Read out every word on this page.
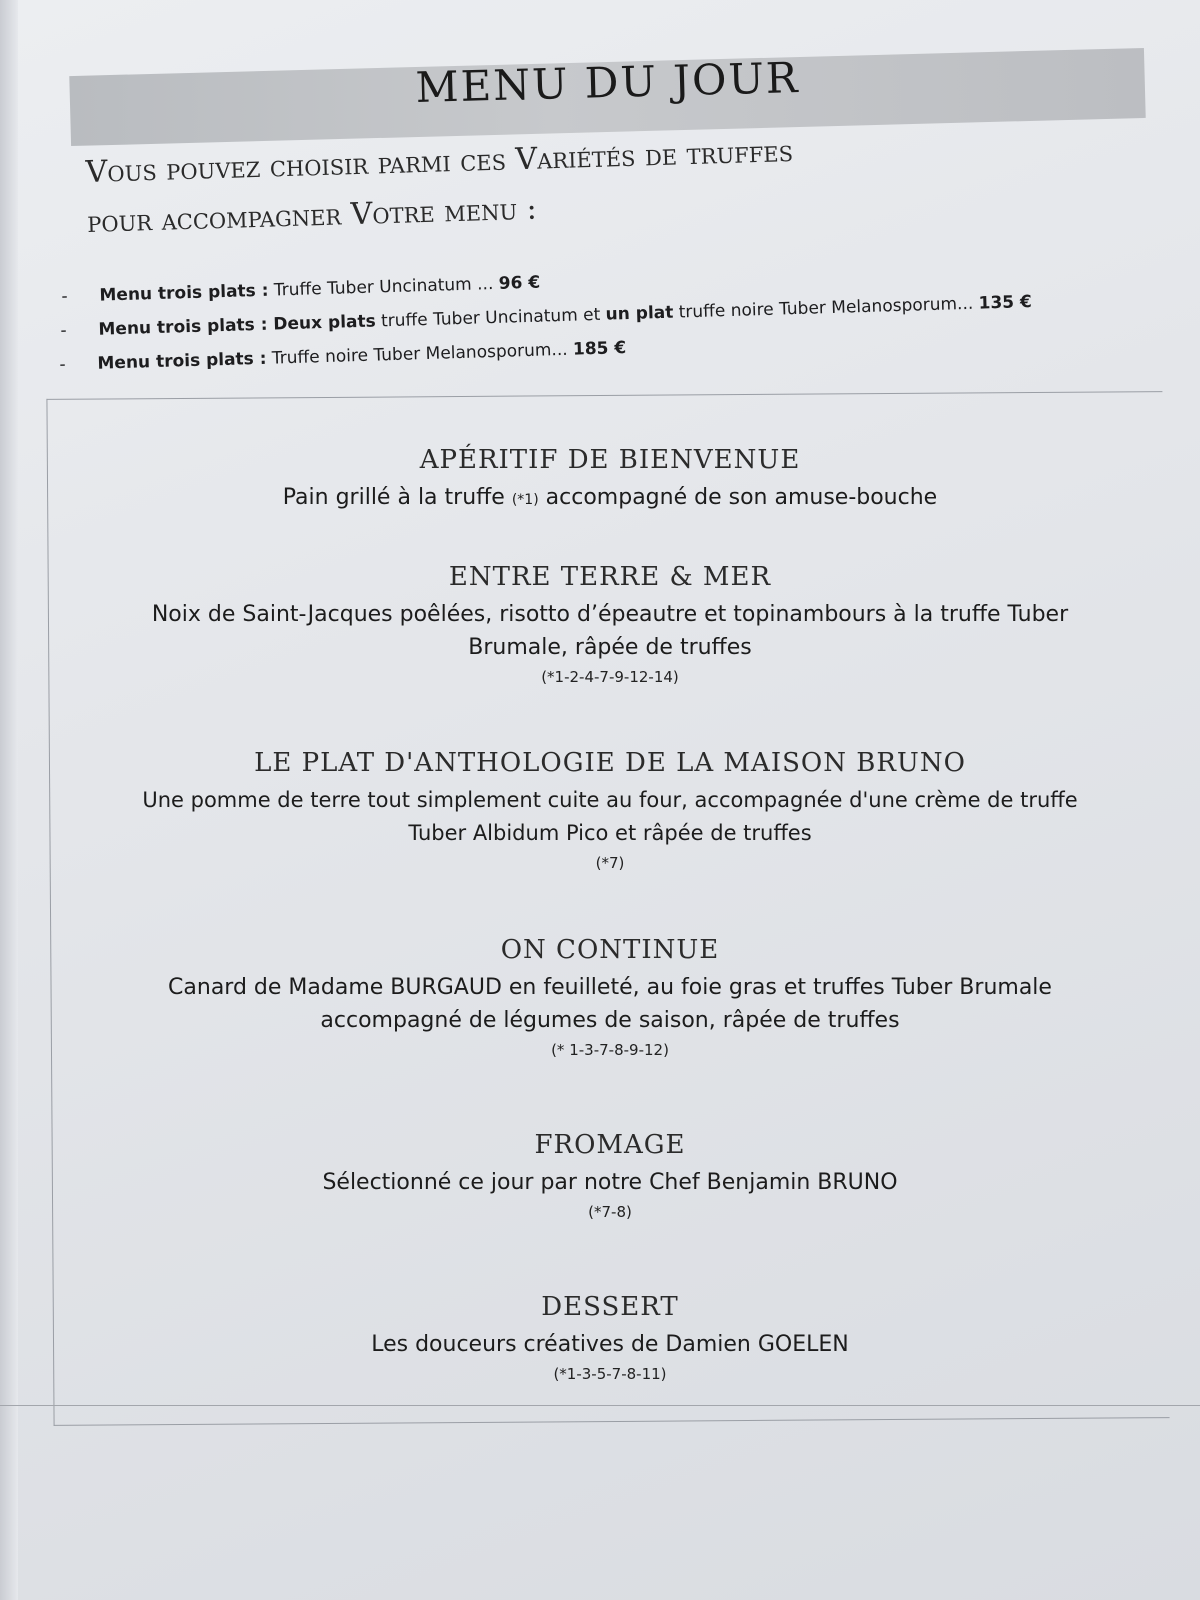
MENU DU JOUR
Vous pouvez choisir parmi ces Variétés de truffes
pour accompagner Votre menu :
- Menu trois plats : Truffe Tuber Uncinatum ... 96 €
- Menu trois plats : Deux plats truffe Tuber Uncinatum et un plat truffe noire Tuber Melanosporum... 135 €
- Menu trois plats : Truffe noire Tuber Melanosporum... 185 €
APÉRITIF DE BIENVENUE
Pain grillé à la truffe (*1) accompagné de son amuse-bouche
ENTRE TERRE & MER
Noix de Saint-Jacques poêlées, risotto d’épeautre et topinambours à la truffe Tuber
Brumale, râpée de truffes
(*1-2-4-7-9-12-14)
LE PLAT D'ANTHOLOGIE DE LA MAISON BRUNO
Une pomme de terre tout simplement cuite au four, accompagnée d'une crème de truffe
Tuber Albidum Pico et râpée de truffes
(*7)
ON CONTINUE
Canard de Madame BURGAUD en feuilleté, au foie gras et truffes Tuber Brumale
accompagné de légumes de saison, râpée de truffes
(* 1-3-7-8-9-12)
FROMAGE
Sélectionné ce jour par notre Chef Benjamin BRUNO
(*7-8)
DESSERT
Les douceurs créatives de Damien GOELEN
(*1-3-5-7-8-11)
